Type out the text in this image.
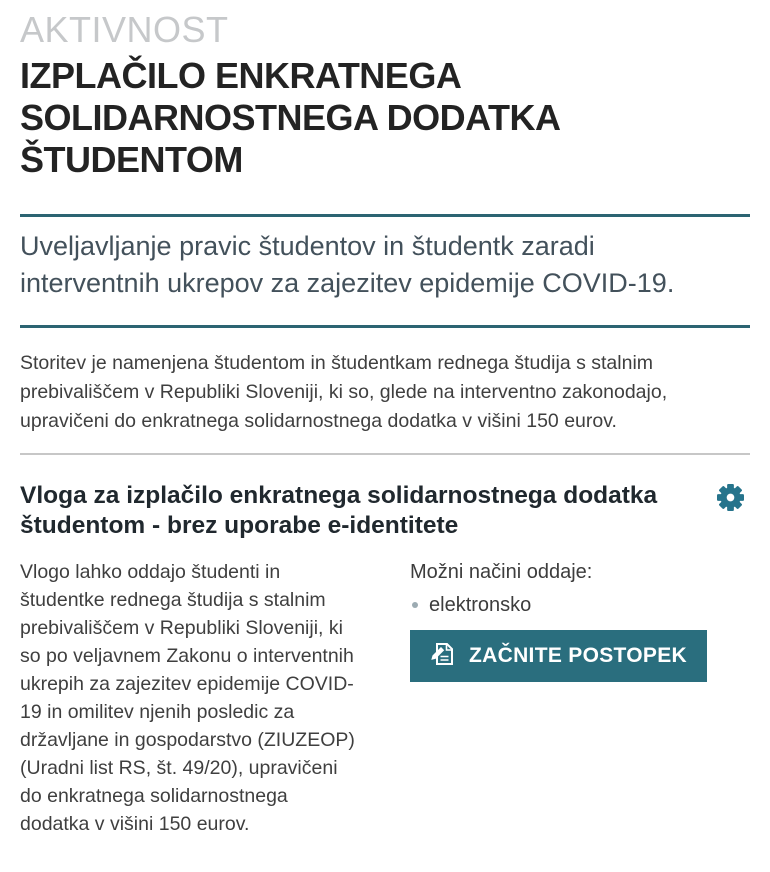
AKTIVNOST
IZPLAČILO ENKRATNEGA SOLIDARNOSTNEGA DODATKA ŠTUDENTOM

Uveljavljanje pravic študentov in študentk zaradi interventnih ukrepov za zajezitev epidemije COVID-19.

Storitev je namenjena študentom in študentkam rednega študija s stalnim prebivališčem v Republiki Sloveniji, ki so, glede na interventno zakonodajo, upravičeni do enkratnega solidarnostnega dodatka v višini 150 eurov.

Vloga za izplačilo enkratnega solidarnostnega dodatka študentom - brez uporabe e-identitete

Vlogo lahko oddajo študenti in študentke rednega študija s stalnim prebivališčem v Republiki Sloveniji, ki so po veljavnem Zakonu o interventnih ukrepih za zajezitev epidemije COVID-19 in omilitev njenih posledic za državljane in gospodarstvo (ZIUZEOP) (Uradni list RS, št. 49/20), upravičeni do enkratnega solidarnostnega dodatka v višini 150 eurov.

Možni načini oddaje:

elektronsko
ZAČNITE POSTOPEK
